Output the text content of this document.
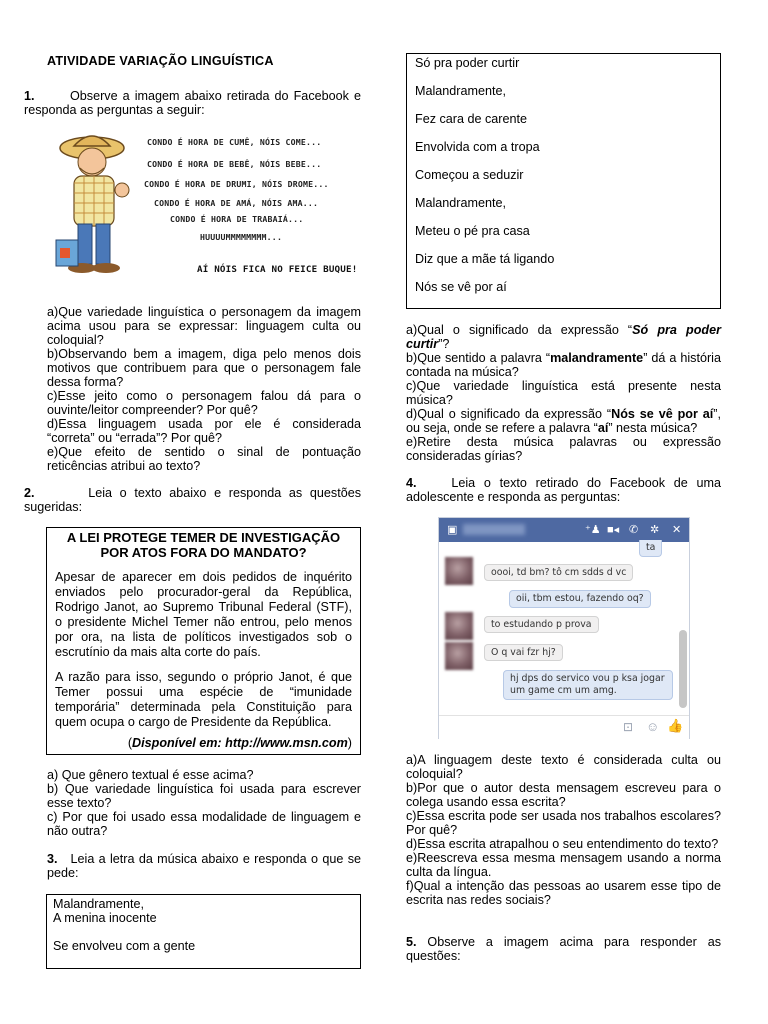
ATIVIDADE VARIAÇÃO LINGUÍSTICA
1.	Observe a imagem abaixo retirada do Facebook e responda as perguntas a seguir:
CONDO É HORA DE CUMÊ, NÓIS COME...
CONDO É HORA DE BEBÊ, NÓIS BEBE...
CONDO É HORA DE DRUMI, NÓIS DROME...
CONDO É HORA DE AMÁ, NÓIS AMA...
CONDO É HORA DE TRABAIÁ...
HUUUUMMMMMMMM...
AÍ NÓIS FICA NO FEICE BUQUE!
a)Que variedade linguística o personagem da imagem acima usou para se expressar: linguagem culta ou coloquial?
b)Observando bem a imagem, diga pelo menos dois motivos que contribuem para que o personagem fale dessa forma?
c)Esse jeito como o personagem falou dá para o ouvinte/leitor compreender? Por quê?
d)Essa linguagem usada por ele é considerada “correta” ou “errada”? Por quê?
e)Que efeito de sentido o sinal de pontuação reticências atribui ao texto?
2.	Leia o texto abaixo e responda as questões sugeridas:
A LEI PROTEGE TEMER DE INVESTIGAÇÃO POR ATOS FORA DO MANDATO?
Apesar de aparecer em dois pedidos de inquérito enviados pelo procurador-geral da República, Rodrigo Janot, ao Supremo Tribunal Federal (STF), o presidente Michel Temer não entrou, pelo menos por ora, na lista de políticos investigados sob o escrutínio da mais alta corte do país.
A razão para isso, segundo o próprio Janot, é que Temer possui uma espécie de “imunidade temporária” determinada pela Constituição para quem ocupa o cargo de Presidente da República.
(Disponível em: http://www.msn.com)
a) Que gênero textual é esse acima?
b) Que variedade linguística foi usada para escrever esse texto?
c) Por que foi usado essa modalidade de linguagem e não outra?
3. Leia a letra da música abaixo e responda o que se pede:
Malandramente,
A menina inocente
Se envolveu com a gente
Só pra poder curtir
Malandramente,
Fez cara de carente
Envolvida com a tropa
Começou a seduzir
Malandramente,
Meteu o pé pra casa
Diz que a mãe tá ligando
Nós se vê por aí
a)Qual o significado da expressão “Só pra poder curtir”?
b)Que sentido a palavra “malandramente” dá a história contada na música?
c)Que variedade linguística está presente nesta música?
d)Qual o significado da expressão “Nós se vê por aí”, ou seja, onde se refere a palavra “aí” nesta música?
e)Retire desta música palavras ou expressão consideradas gírias?
4.	Leia o texto retirado do Facebook de uma adolescente e responda as perguntas:
▣	⁺♟ ■◂ ✆ ✲ ✕
ta
oooi, td bm? tô cm sdds d vc
oii, tbm estou, fazendo oq?
to estudando p prova
O q vai fzr hj?
hj dps do servico vou p ksa jogar um game cm um amg.
⊡ ☺ 👍
a)A linguagem deste texto é considerada culta ou coloquial?
b)Por que o autor desta mensagem escreveu para o colega usando essa escrita?
c)Essa escrita pode ser usada nos trabalhos escolares? Por quê?
d)Essa escrita atrapalhou o seu entendimento do texto?
e)Reescreva essa mesma mensagem usando a norma culta da língua.
f)Qual a intenção das pessoas ao usarem esse tipo de escrita nas redes sociais?
5. Observe a imagem acima para responder as questões:
